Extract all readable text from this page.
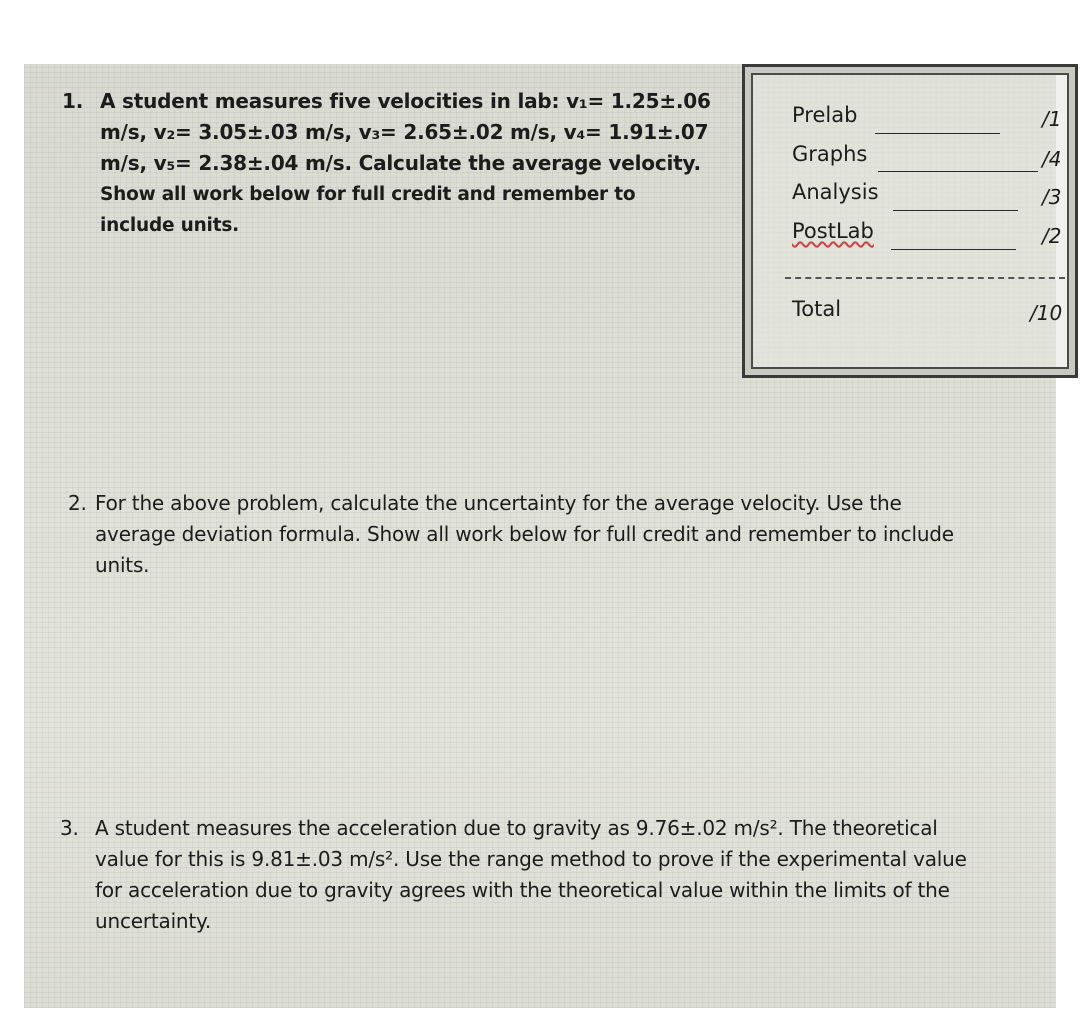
1. A student measures five velocities in lab: v₁= 1.25±.06

m/s, v₂= 3.05±.03 m/s, v₃= 2.65±.02 m/s, v₄= 1.91±.07

m/s, v₅= 2.38±.04 m/s. Calculate the average velocity.

Show all work below for full credit and remember to

include units.

Prelab	/1
Graphs	/4
Analysis	/3
PostLab	/2
Total	/10
2. For the above problem, calculate the uncertainty for the average velocity. Use the

average deviation formula. Show all work below for full credit and remember to include

units.

3. A student measures the acceleration due to gravity as 9.76±.02 m/s². The theoretical

value for this is 9.81±.03 m/s². Use the range method to prove if the experimental value

for acceleration due to gravity agrees with the theoretical value within the limits of the

uncertainty.
